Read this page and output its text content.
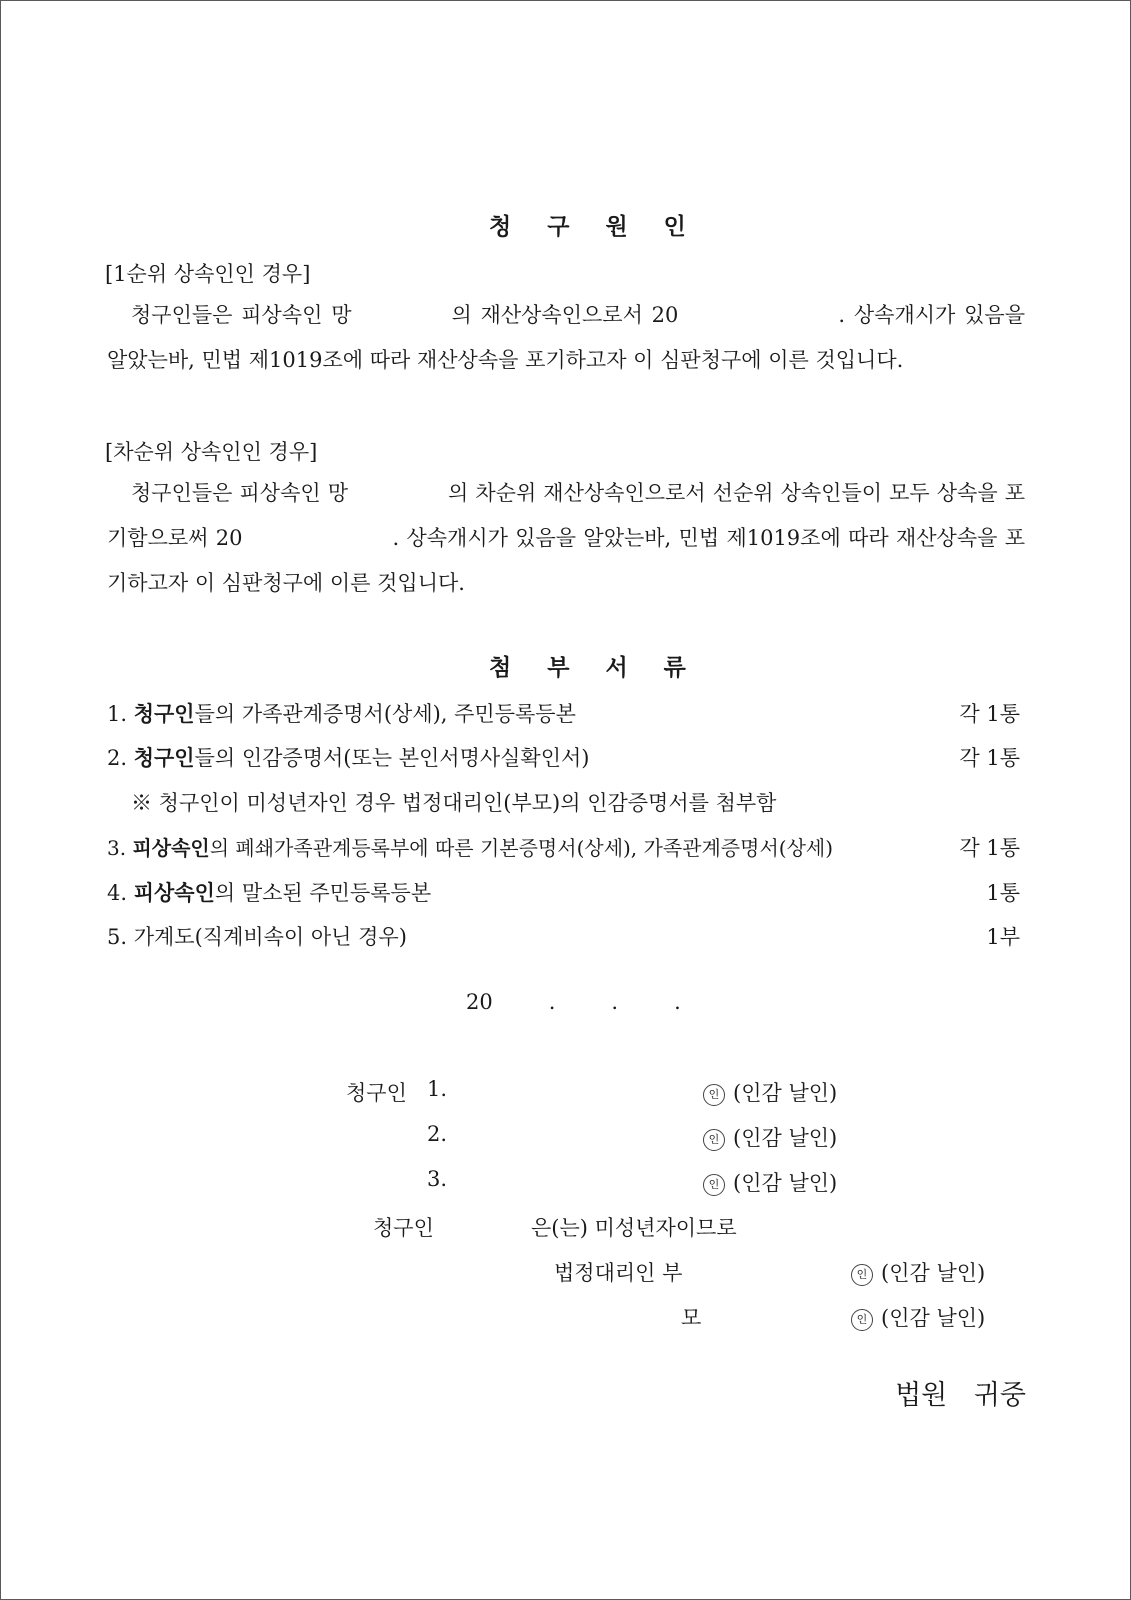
청 구 원 인
[1순위 상속인인 경우]
청구인들은 피상속인 망	의 재산상속인으로서 20	. 상속개시가 있음을 알았는바, 민법 제1019조에 따라 재산상속을 포기하고자 이 심판청구에 이른 것입니다.
[차순위 상속인인 경우]
청구인들은 피상속인 망	의 차순위 재산상속인으로서 선순위 상속인들이 모두 상속을 포기함으로써 20	. 상속개시가 있음을 알았는바, 민법 제1019조에 따라 재산상속을 포기하고자 이 심판청구에 이른 것입니다.
첨 부 서 류
1. 청구인들의 가족관계증명서(상세), 주민등록등본	각 1통
2. 청구인들의 인감증명서(또는 본인서명사실확인서)	각 1통
※ 청구인이 미성년자인 경우 법정대리인(부모)의 인감증명서를 첨부함
3. 피상속인의 폐쇄가족관계등록부에 따른 기본증명서(상세), 가족관계증명서(상세)	각 1통
4. 피상속인의 말소된 주민등록등본	1통
5. 가계도(직계비속이 아닌 경우)	1부
20	.	.	.
청구인 1.	인 (인감 날인)
2.	인 (인감 날인)
3.	인 (인감 날인)
청구인	은(는) 미성년자이므로
법정대리인 부	인 (인감 날인)
모	인 (인감 날인)
법원 귀중
